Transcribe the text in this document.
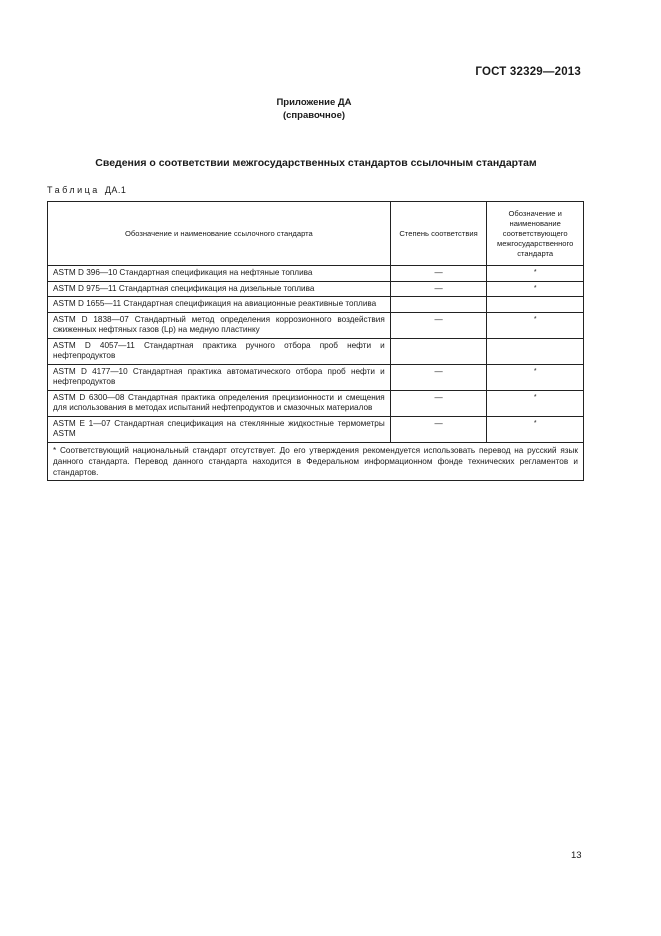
ГОСТ 32329—2013
Приложение ДА
(справочное)
Сведения о соответствии межгосударственных стандартов ссылочным стандартам
Таблица ДА.1
Обозначение и наименование ссылочного стандарта	Степень соответствия	Обозначение и наименование соответствующего межгосударственного стандарта
ASTM D 396—10 Стандартная спецификация на нефтяные топлива	—	*
ASTM D 975—11 Стандартная спецификация на дизельные топлива	—	*
ASTM D 1655—11 Стандартная спецификация на авиационные реактивные топлива		
ASTM D 1838—07 Стандартный метод определения коррозионного воздействия сжиженных нефтяных газов (Lp) на медную пластинку	—	*
ASTM D 4057—11 Стандартная практика ручного отбора проб нефти и нефтепродуктов		
ASTM D 4177—10 Стандартная практика автоматического отбора проб нефти и нефтепродуктов	—	*
ASTM D 6300—08 Стандартная практика определения прецизионности и смещения для использования в методах испытаний нефтепродуктов и смазочных материалов	—	*
ASTM E 1—07 Стандартная спецификация на стеклянные жидкостные термометры ASTM	—	*
* Соответствующий национальный стандарт отсутствует. До его утверждения рекомендуется использовать перевод на русский язык данного стандарта. Перевод данного стандарта находится в Федеральном информационном фонде технических регламентов и стандартов.		
13
